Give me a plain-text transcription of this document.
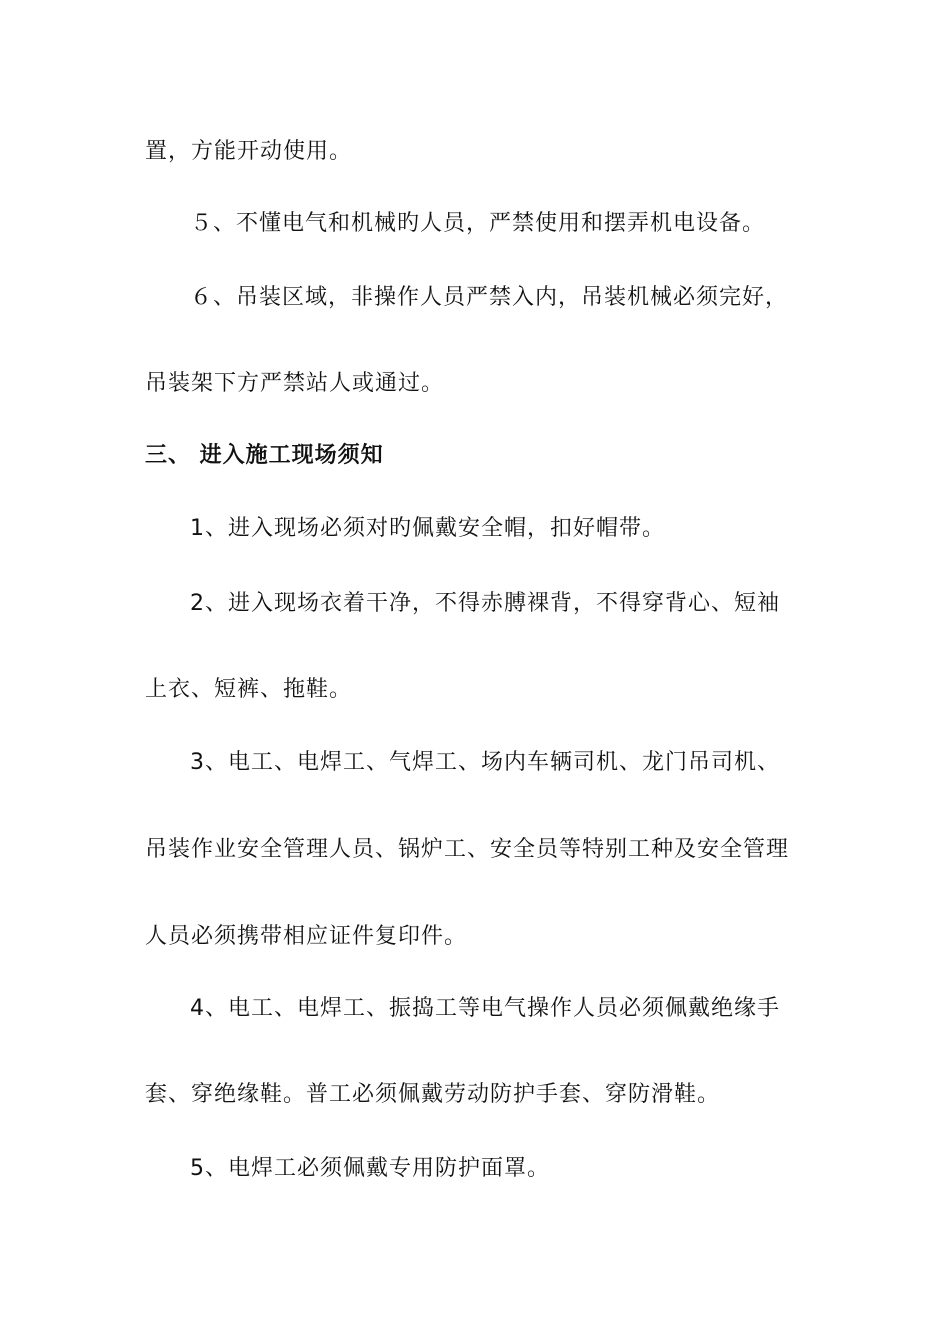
置，方能开动使用。
５、不懂电气和机械旳人员，严禁使用和摆弄机电设备。
６、吊装区域，非操作人员严禁入内，吊装机械必须完好，
吊装架下方严禁站人或通过。
三、 进入施工现场须知
1、进入现场必须对旳佩戴安全帽，扣好帽带。
2、进入现场衣着干净，不得赤膊裸背，不得穿背心、短袖
上衣、短裤、拖鞋。
3、电工、电焊工、气焊工、场内车辆司机、龙门吊司机、
吊装作业安全管理人员、锅炉工、安全员等特别工种及安全管理
人员必须携带相应证件复印件。
4、电工、电焊工、振捣工等电气操作人员必须佩戴绝缘手
套、穿绝缘鞋。普工必须佩戴劳动防护手套、穿防滑鞋。
5、电焊工必须佩戴专用防护面罩。
